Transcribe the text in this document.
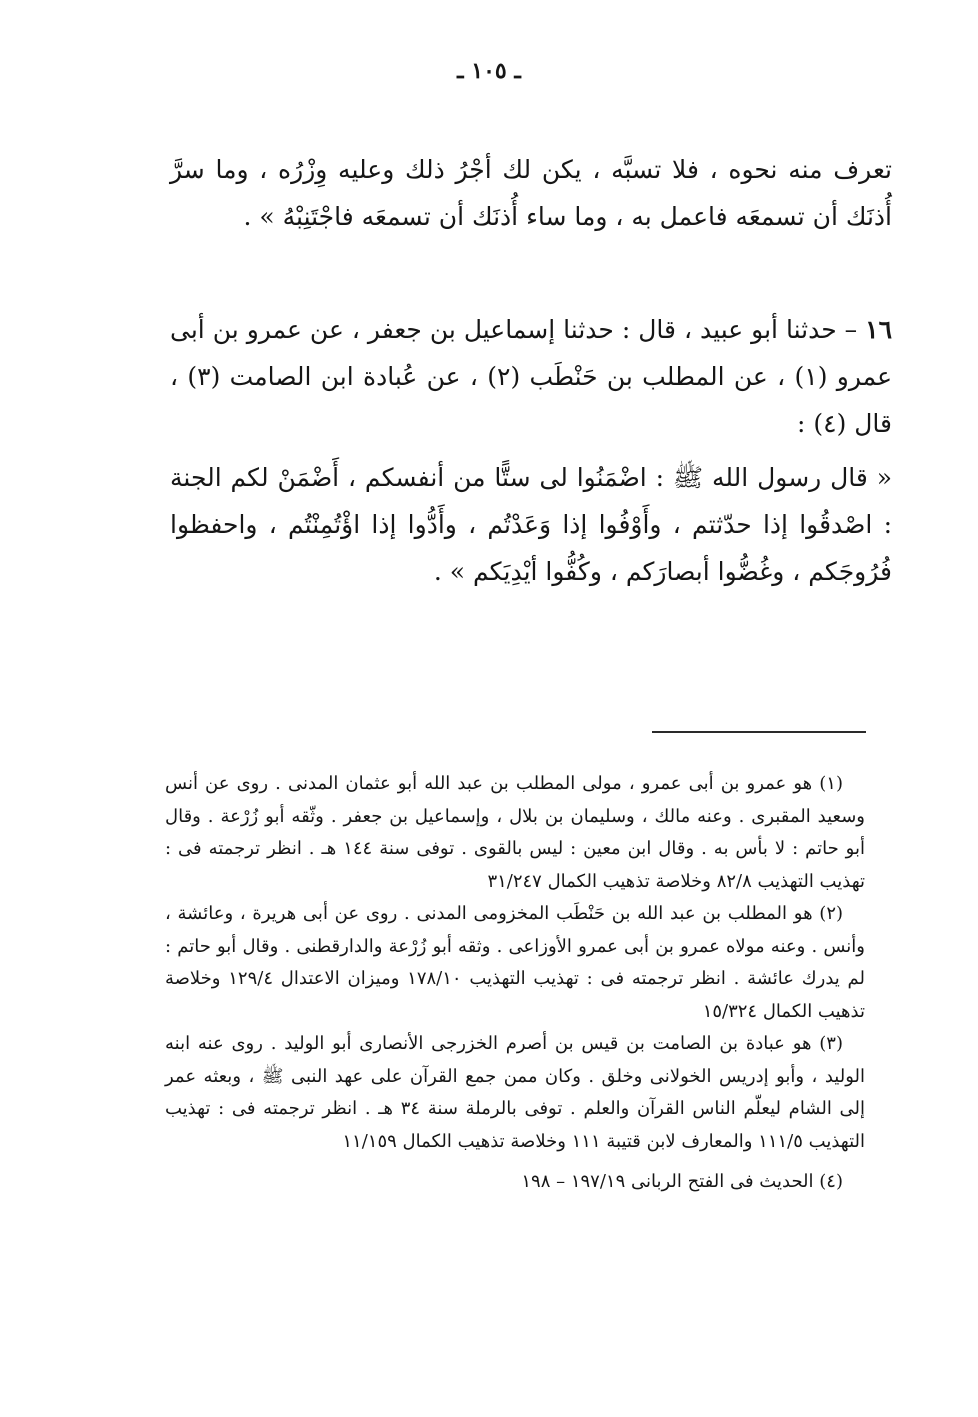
ـ ١٠٥ ـ

تعرف منه نحوه ، فلا تسبَّه ، يكن لك أجْرُ ذلك وعليه وِزْرُه ، وما سرَّ أُذنَك أن تسمعَه فاعمل به ، وما ساء أُذنَك أن تسمعَه فاجْتَنِبْهُ » .

١٦ – حدثنا أبو عبيد ، قال : حدثنا إسماعيل بن جعفر ، عن عمرو بن أبى عمرو (١) ، عن المطلب بن حَنْطَب (٢) ، عن عُبادة ابن الصامت (٣) ، قال (٤) :

« قال رسول الله ﷺ : اضْمَنُوا لى ستًّا من أنفسكم ، أَضْمَنْ لكم الجنة : اصْدقُوا إذا حدّثتم ، وأَوْفُوا إذا وَعَدْتُم ، وأَدُّوا إذا اؤْتُمِنْتُم ، واحفظوا فُرُوجَكم ، وغُضُّوا أبصارَكم ، وكُفُّوا أيْدِيَكم » .

(١) هو عمرو بن أبى عمرو ، مولى المطلب بن عبد الله أبو عثمان المدنى . روى عن أنس وسعيد المقبرى . وعنه مالك ، وسليمان بن بلال ، وإسماعيل بن جعفر . وثّقه أبو زُرْعة . وقال أبو حاتم : لا بأس به . وقال ابن معين : ليس بالقوى . توفى سنة ١٤٤ هـ . انظر ترجمته فى : تهذيب التهذيب ٨٢/٨ وخلاصة تذهيب الكمال ٣١/٢٤٧

(٢) هو المطلب بن عبد الله بن حَنْطَب المخزومى المدنى . روى عن أبى هريرة ، وعائشة ، وأنس . وعنه مولاه عمرو بن أبى عمرو الأوزاعى . وثقه أبو زُرْعة والدارقطنى . وقال أبو حاتم : لم يدرك عائشة . انظر ترجمته فى : تهذيب التهذيب ١٧٨/١٠ وميزان الاعتدال ١٢٩/٤ وخلاصة تذهيب الكمال ١٥/٣٢٤

(٣) هو عبادة بن الصامت بن قيس بن أصرم الخزرجى الأنصارى أبو الوليد . روى عنه ابنه الوليد ، وأبو إدريس الخولانى وخلق . وكان ممن جمع القرآن على عهد النبى ﷺ ، وبعثه عمر إلى الشام ليعلّم الناس القرآن والعلم . توفى بالرملة سنة ٣٤ هـ . انظر ترجمته فى : تهذيب التهذيب ١١١/٥ والمعارف لابن قتيبة ١١١ وخلاصة تذهيب الكمال ١١/١٥٩

(٤) الحديث فى الفتح الربانى ١٩٧/١٩ – ١٩٨
